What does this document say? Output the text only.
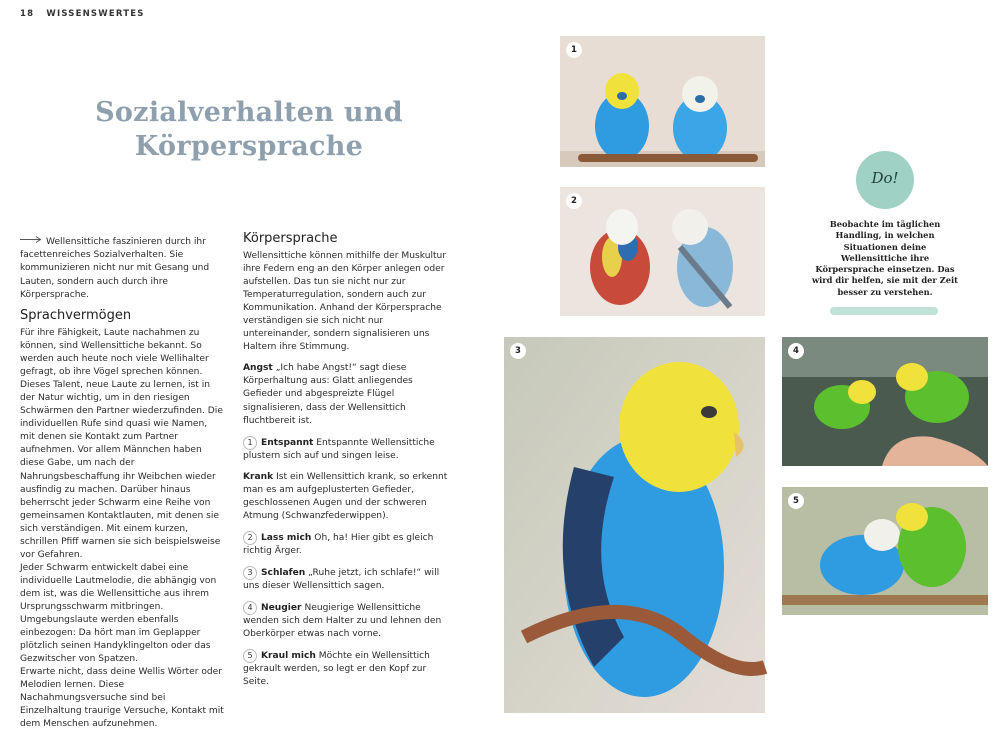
18 WISSENSWERTES
Sozialverhalten und
Körpersprache
Wellensittiche faszinieren durch ihr facettenreiches Sozialverhalten. Sie kommunizieren nicht nur mit Gesang und Lauten, sondern auch durch ihre Körpersprache.
Sprachvermögen
Für ihre Fähigkeit, Laute nachahmen zu können, sind Wellensittiche bekannt. So werden auch heute noch viele Wellihalter gefragt, ob ihre Vögel sprechen können. Dieses Talent, neue Laute zu lernen, ist in der Natur wichtig, um in den riesigen Schwärmen den Partner wiederzufinden. Die individuellen Rufe sind quasi wie Namen, mit denen sie Kontakt zum Partner aufnehmen. Vor allem Männchen haben diese Gabe, um nach der Nahrungsbeschaffung ihr Weibchen wieder ausfindig zu machen. Darüber hinaus beherrscht jeder Schwarm eine Reihe von gemeinsamen Kontaktlauten, mit denen sie sich verständigen. Mit einem kurzen, schrillen Pfiff warnen sie sich beispielsweise vor Gefahren.
Jeder Schwarm entwickelt dabei eine individuelle Lautmelodie, die abhängig von dem ist, was die Wellensittiche aus ihrem Ursprungsschwarm mitbringen. Umgebungslaute werden ebenfalls einbezogen: Da hört man im Geplapper plötzlich seinen Handyklingelton oder das Gezwitscher von Spatzen.
Erwarte nicht, dass deine Wellis Wörter oder Melodien lernen. Diese Nachahmungsversuche sind bei Einzelhaltung traurige Versuche, Kontakt mit dem Menschen aufzunehmen.
Körpersprache
Wellensittiche können mithilfe der Muskultur ihre Federn eng an den Körper anlegen oder aufstellen. Das tun sie nicht nur zur Temperaturregulation, sondern auch zur Kommunikation. Anhand der Körpersprache verständigen sie sich nicht nur untereinander, sondern signalisieren uns Haltern ihre Stimmung.
Angst „Ich habe Angst!“ sagt diese Körperhaltung aus: Glatt anliegendes Gefieder und abgespreizte Flügel signalisieren, dass der Wellensittich fluchtbereit ist.
1 Entspannt Entspannte Wellensittiche plustern sich auf und singen leise.
Krank Ist ein Wellensittich krank, so erkennt man es am aufgeplusterten Gefieder, geschlossenen Augen und der schweren Atmung (Schwanzfederwippen).
2 Lass mich Oh, ha! Hier gibt es gleich richtig Ärger.
3 Schlafen „Ruhe jetzt, ich schlafe!“ will uns dieser Wellensittich sagen.
4 Neugier Neugierige Wellensittiche wenden sich dem Halter zu und lehnen den Oberkörper etwas nach vorne.
5 Kraul mich Möchte ein Wellensittich gekrault werden, so legt er den Kopf zur Seite.
1
2
3	4
5
Do!
Beobachte im täglichen Handling, in welchen Situationen deine Wellensittiche ihre Körpersprache einsetzen. Das wird dir helfen, sie mit der Zeit besser zu verstehen.
